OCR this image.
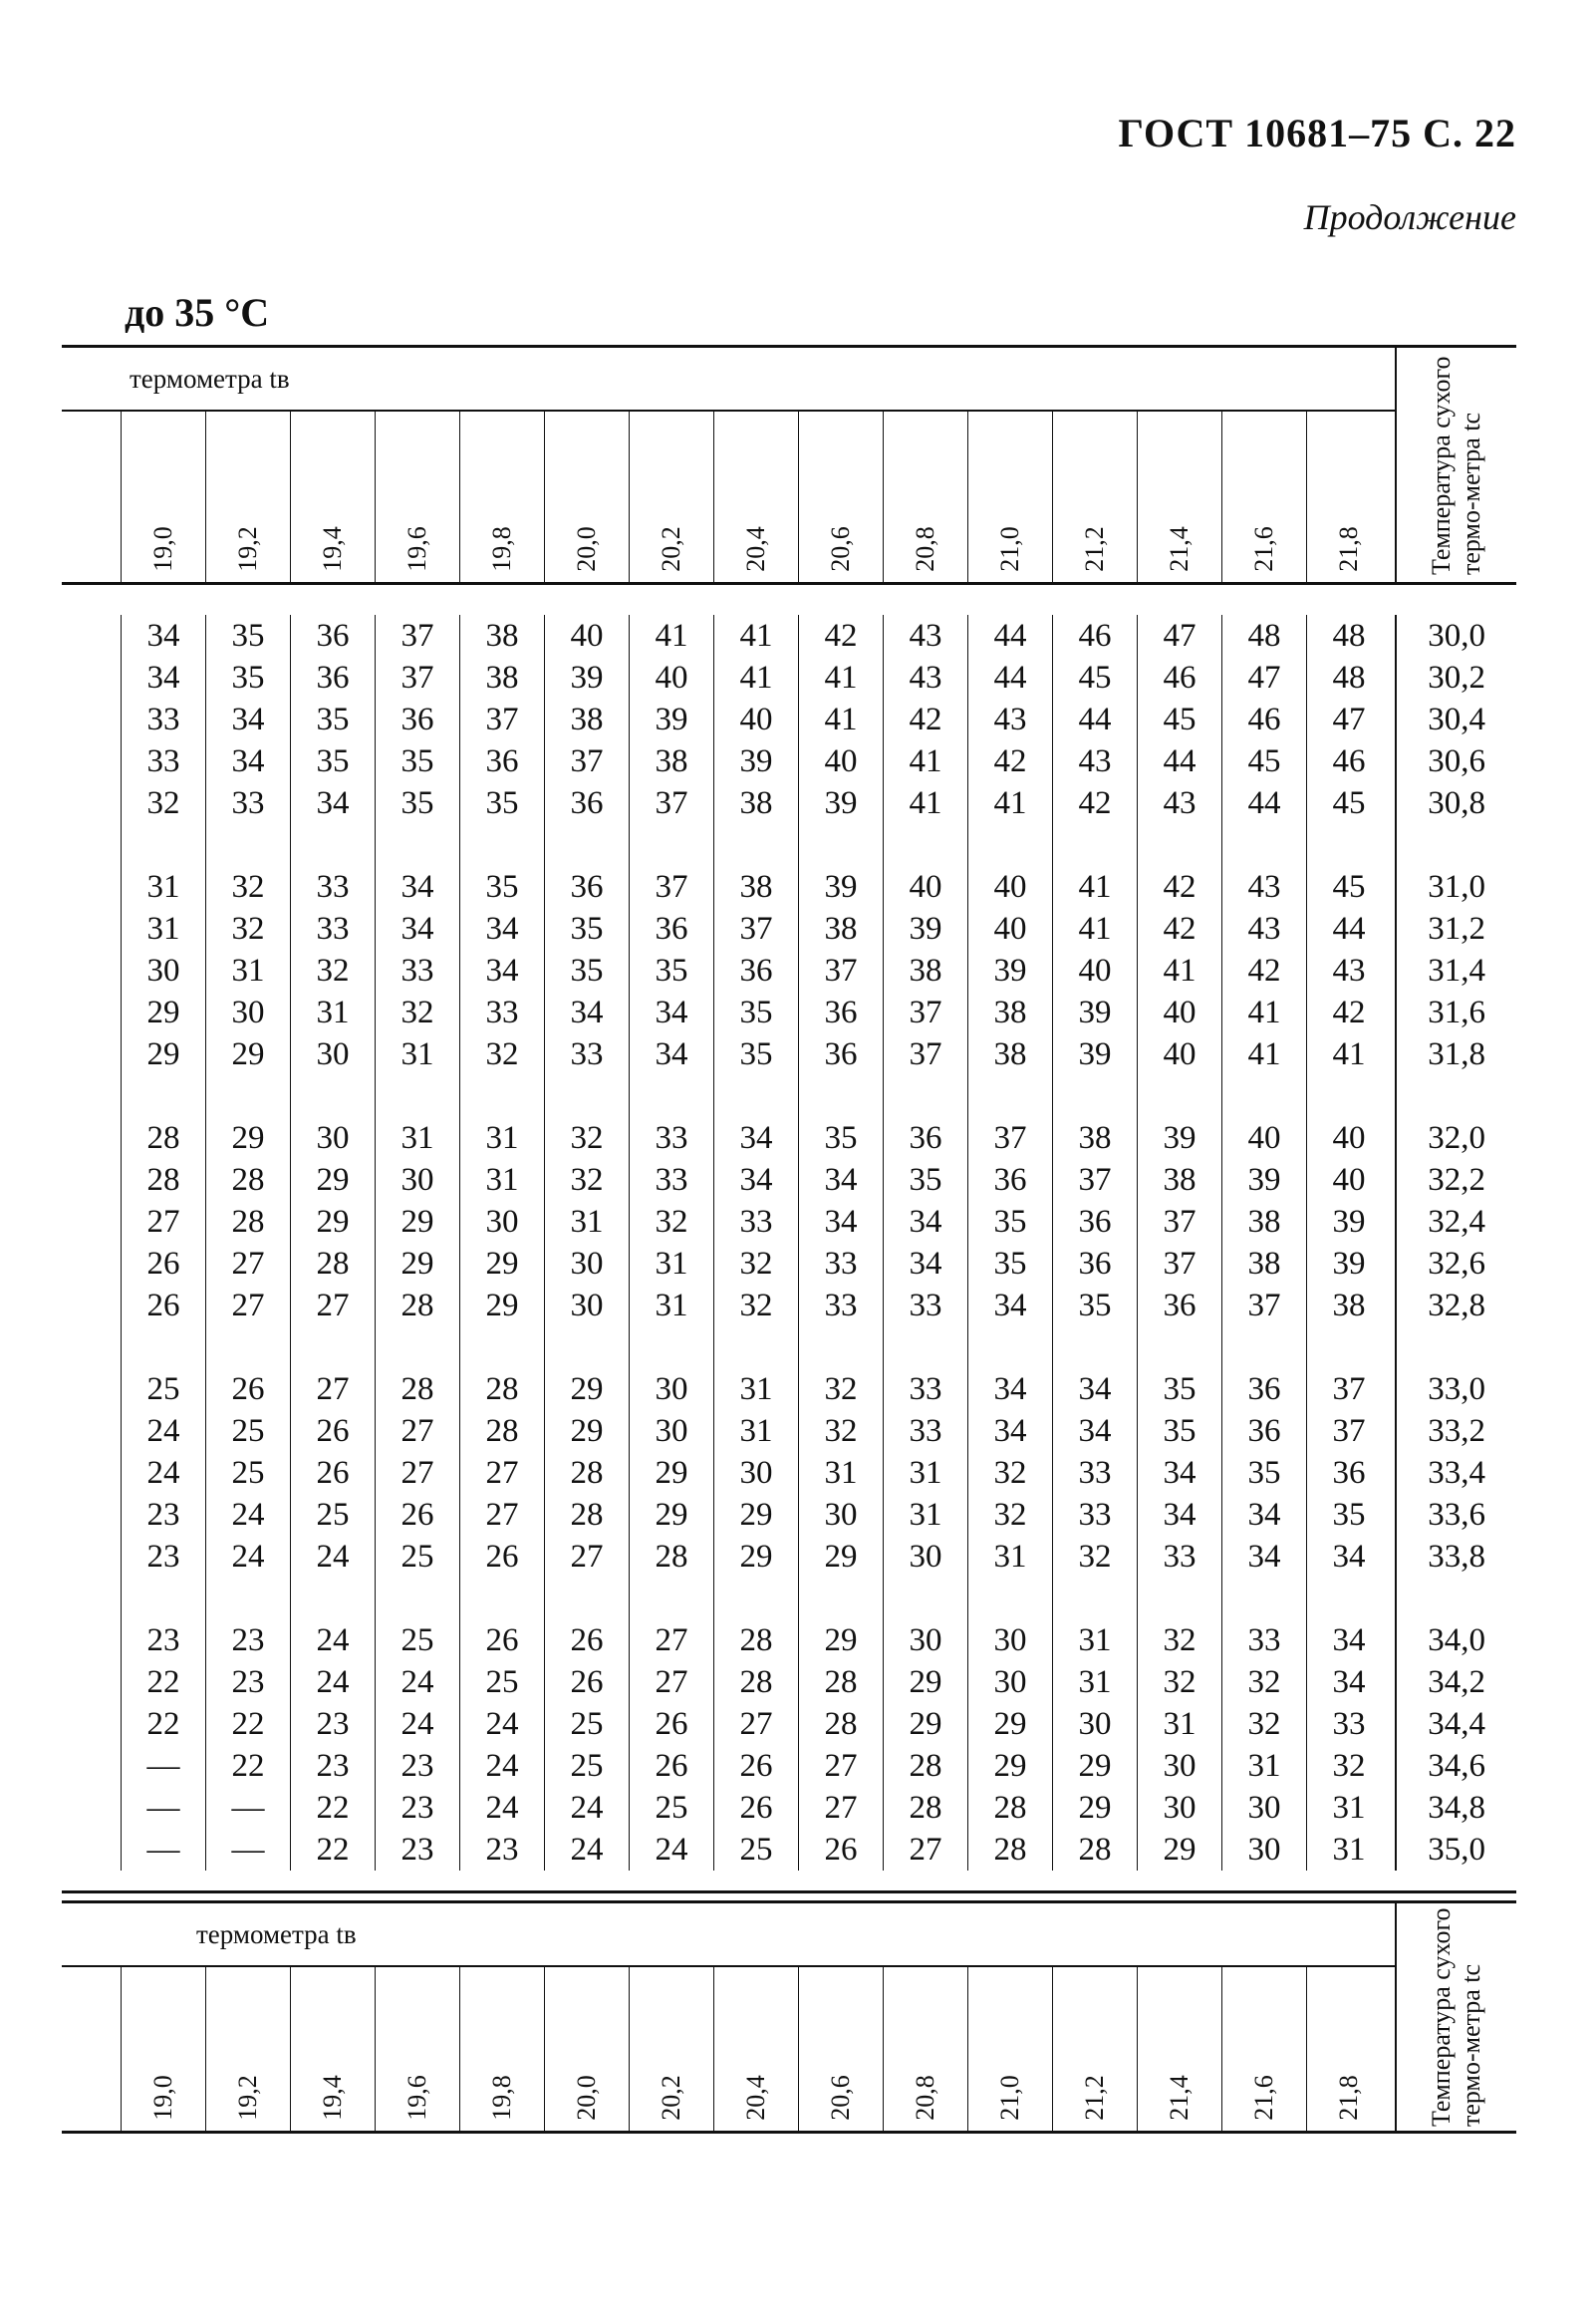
ГОСТ 10681–75 С. 22
Продолжение
до 35 °С
термометра tв
19,0 19,2 19,4 19,6 19,8 20,0 20,2 20,4 20,6 20,8 21,0 21,2 21,4 21,6 21,8 Температура сухого термо-метра tс
34
34
33
33
32
31
31
30
29
29
28
28
27
26
26
25
24
24
23
23
23
22
22
—
—
—
35
35
34
34
33
32
32
31
30
29
29
28
28
27
27
26
25
25
24
24
23
23
22
22
—
—
36
36
35
35
34
33
33
32
31
30
30
29
29
28
27
27
26
26
25
24
24
24
23
23
22
22
37
37
36
35
35
34
34
33
32
31
31
30
29
29
28
28
27
27
26
25
25
24
24
23
23
23
38
38
37
36
35
35
34
34
33
32
31
31
30
29
29
28
28
27
27
26
26
25
24
24
24
23
40
39
38
37
36
36
35
35
34
33
32
32
31
30
30
29
29
28
28
27
26
26
25
25
24
24
41
40
39
38
37
37
36
35
34
34
33
33
32
31
31
30
30
29
29
28
27
27
26
26
25
24
41
41
40
39
38
38
37
36
35
35
34
34
33
32
32
31
31
30
29
29
28
28
27
26
26
25
42
41
41
40
39
39
38
37
36
36
35
34
34
33
33
32
32
31
30
29
29
28
28
27
27
26
43
43
42
41
41
40
39
38
37
37
36
35
34
34
33
33
33
31
31
30
30
29
29
28
28
27
44
44
43
42
41
40
40
39
38
38
37
36
35
35
34
34
34
32
32
31
30
30
29
29
28
28
46
45
44
43
42
41
41
40
39
39
38
37
36
36
35
34
34
33
33
32
31
31
30
29
29
28
47
46
45
44
43
42
42
41
40
40
39
38
37
37
36
35
35
34
34
33
32
32
31
30
30
29
48
47
46
45
44
43
43
42
41
41
40
39
38
38
37
36
36
35
34
34
33
32
32
31
30
30
48
48
47
46
45
45
44
43
42
41
40
40
39
39
38
37
37
36
35
34
34
34
33
32
31
31
30,0
30,2
30,4
30,6
30,8
31,0
31,2
31,4
31,6
31,8
32,0
32,2
32,4
32,6
32,8
33,0
33,2
33,4
33,6
33,8
34,0
34,2
34,4
34,6
34,8
35,0
термометра tв
19,0 19,2 19,4 19,6 19,8 20,0 20,2 20,4 20,6 20,8 21,0 21,2 21,4 21,6 21,8 Температура сухого термо-метра tс
